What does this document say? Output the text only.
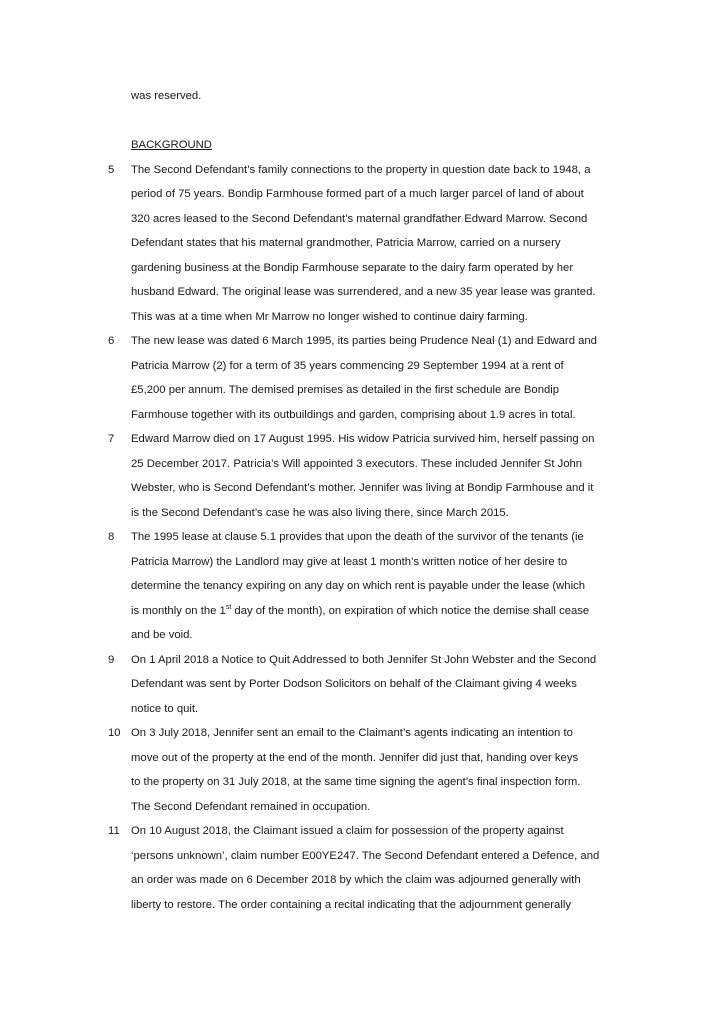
was reserved.
BACKGROUND
5 The Second Defendant’s family connections to the property in question date back to 1948, a
period of 75 years. Bondip Farmhouse formed part of a much larger parcel of land of about
320 acres leased to the Second Defendant’s maternal grandfather Edward Marrow. Second
Defendant states that his maternal grandmother, Patricia Marrow, carried on a nursery
gardening business at the Bondip Farmhouse separate to the dairy farm operated by her
husband Edward. The original lease was surrendered, and a new 35 year lease was granted.
This was at a time when Mr Marrow no longer wished to continue dairy farming.
6 The new lease was dated 6 March 1995, its parties being Prudence Neal (1) and Edward and
Patricia Marrow (2) for a term of 35 years commencing 29 September 1994 at a rent of
£5,200 per annum. The demised premises as detailed in the first schedule are Bondip
Farmhouse together with its outbuildings and garden, comprising about 1.9 acres in total.
7 Edward Marrow died on 17 August 1995. His widow Patricia survived him, herself passing on
25 December 2017. Patricia’s Will appointed 3 executors. These included Jennifer St John
Webster, who is Second Defendant’s mother. Jennifer was living at Bondip Farmhouse and it
is the Second Defendant’s case he was also living there, since March 2015.
8 The 1995 lease at clause 5.1 provides that upon the death of the survivor of the tenants (ie
Patricia Marrow) the Landlord may give at least 1 month’s written notice of her desire to
determine the tenancy expiring on any day on which rent is payable under the lease (which
is monthly on the 1st day of the month), on expiration of which notice the demise shall cease
and be void.
9 On 1 April 2018 a Notice to Quit Addressed to both Jennifer St John Webster and the Second
Defendant was sent by Porter Dodson Solicitors on behalf of the Claimant giving 4 weeks
notice to quit.
10 On 3 July 2018, Jennifer sent an email to the Claimant’s agents indicating an intention to
move out of the property at the end of the month. Jennifer did just that, handing over keys
to the property on 31 July 2018, at the same time signing the agent’s final inspection form.
The Second Defendant remained in occupation.
11 On 10 August 2018, the Claimant issued a claim for possession of the property against
‘persons unknown’, claim number E00YE247. The Second Defendant entered a Defence, and
an order was made on 6 December 2018 by which the claim was adjourned generally with
liberty to restore. The order containing a recital indicating that the adjournment generally
